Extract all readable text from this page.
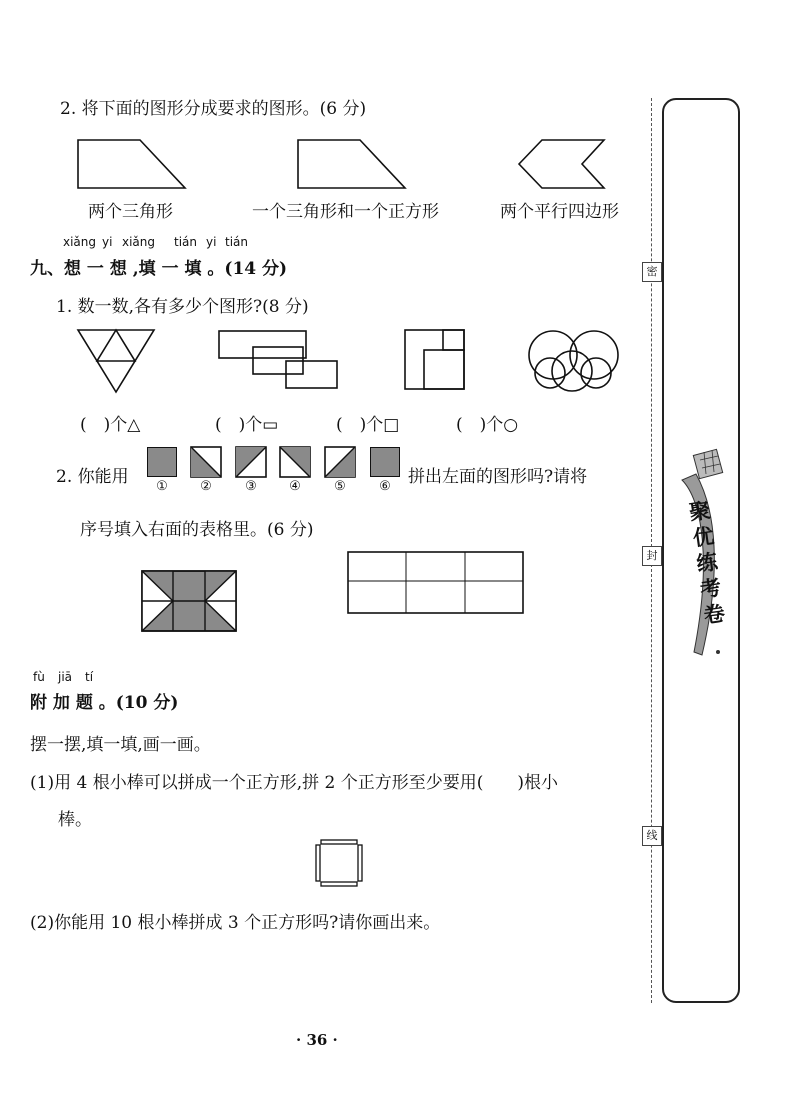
2. 将下面的图形分成要求的图形。(6 分)
两个三角形	一个三角形和一个正方形	两个平行四边形
xiǎng yi xiǎng tián yi tián
九、想 一 想 ,填 一 填 。(14 分)
1. 数一数,各有多少个图形?(8 分)
(　)个△	(　)个▭	(　)个□	(　)个○
2. 你能用	①	②	③	④	⑤	⑥	拼出左面的图形吗?请将
序号填入右面的表格里。(6 分)
fù jiā tí
附 加 题 。(10 分)
摆一摆,填一填,画一画。
(1)用 4 根小棒可以拼成一个正方形,拼 2 个正方形至少要用(　　)根小
棒。
(2)你能用 10 根小棒拼成 3 个正方形吗?请你画出来。
· 36 ·
密
封
线
聚优练考卷
